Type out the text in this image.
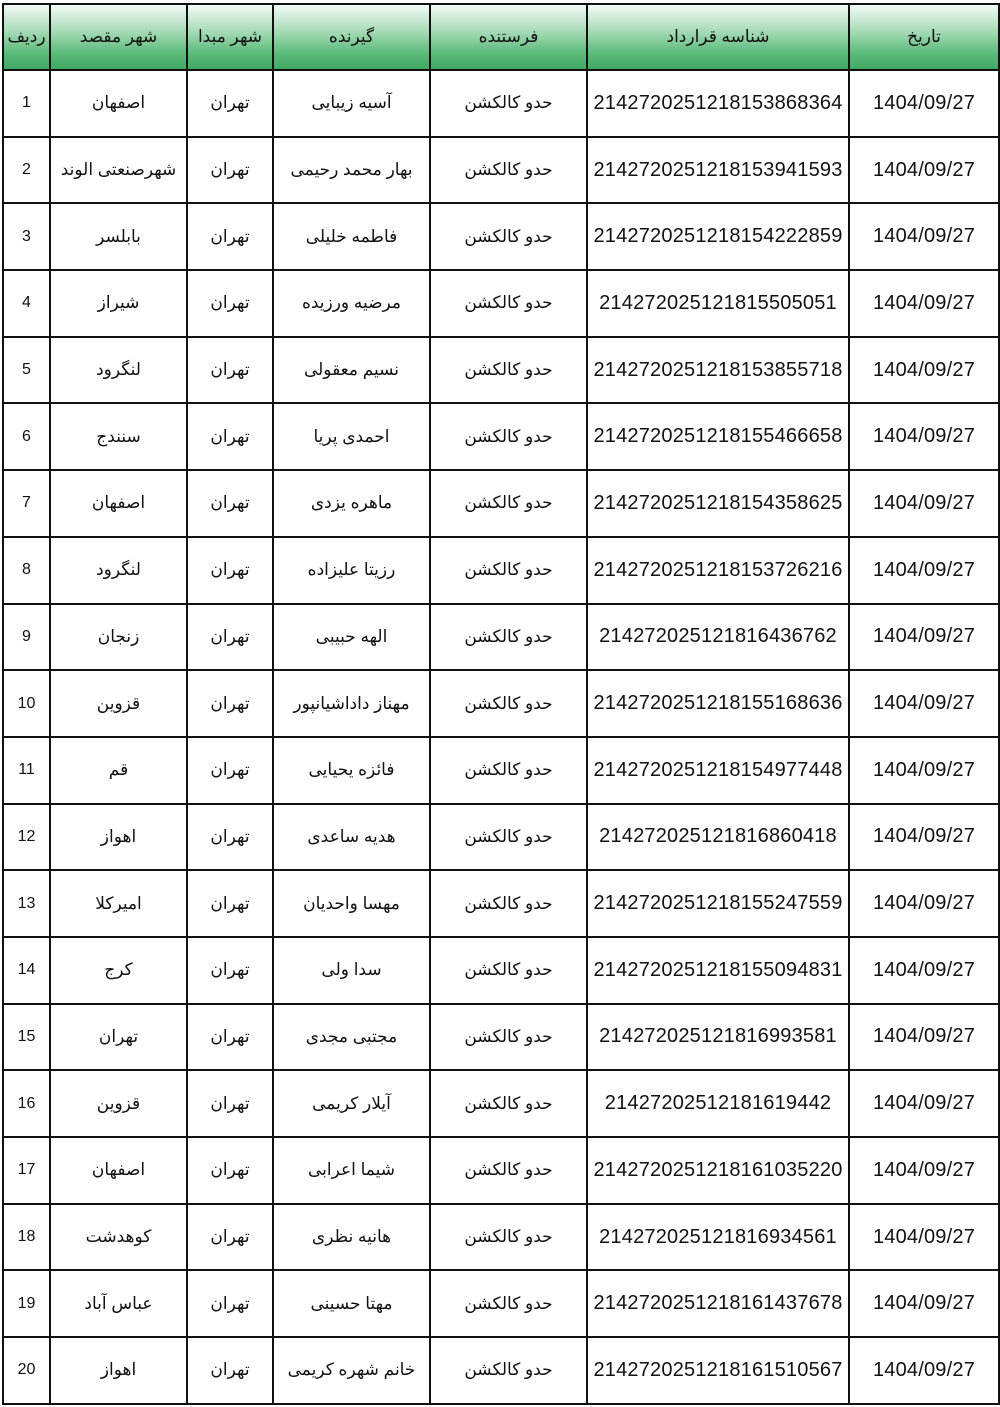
ردیف	شهر مقصد	شهر مبدا	گیرنده	فرستنده	شناسه قرارداد	تاریخ
1	اصفهان	تهران	آسیه زیبایی	حدو کالکشن	2142720251218153868364	1404/09/27
2	شهرصنعتی الوند	تهران	بهار محمد رحیمی	حدو کالکشن	2142720251218153941593	1404/09/27
3	بابلسر	تهران	فاطمه خلیلی	حدو کالکشن	2142720251218154222859	1404/09/27
4	شیراز	تهران	مرضیه ورزیده	حدو کالکشن	214272025121815505051	1404/09/27
5	لنگرود	تهران	نسیم معقولی	حدو کالکشن	2142720251218153855718	1404/09/27
6	سنندج	تهران	احمدی پریا	حدو کالکشن	2142720251218155466658	1404/09/27
7	اصفهان	تهران	ماهره یزدی	حدو کالکشن	2142720251218154358625	1404/09/27
8	لنگرود	تهران	رزیتا علیزاده	حدو کالکشن	2142720251218153726216	1404/09/27
9	زنجان	تهران	الهه حبیبی	حدو کالکشن	214272025121816436762	1404/09/27
10	قزوین	تهران	مهناز داداشیانپور	حدو کالکشن	2142720251218155168636	1404/09/27
11	قم	تهران	فائزه یحیایی	حدو کالکشن	2142720251218154977448	1404/09/27
12	اهواز	تهران	هدیه ساعدی	حدو کالکشن	214272025121816860418	1404/09/27
13	امیرکلا	تهران	مهسا واحدیان	حدو کالکشن	2142720251218155247559	1404/09/27
14	کرج	تهران	سدا ولی	حدو کالکشن	2142720251218155094831	1404/09/27
15	تهران	تهران	مجتبی مجدی	حدو کالکشن	214272025121816993581	1404/09/27
16	قزوین	تهران	آیلار کریمی	حدو کالکشن	21427202512181619442	1404/09/27
17	اصفهان	تهران	شیما اعرابی	حدو کالکشن	2142720251218161035220	1404/09/27
18	کوهدشت	تهران	هانیه نظری	حدو کالکشن	214272025121816934561	1404/09/27
19	عباس آباد	تهران	مهتا حسینی	حدو کالکشن	2142720251218161437678	1404/09/27
20	اهواز	تهران	خانم شهره کریمی	حدو کالکشن	2142720251218161510567	1404/09/27
